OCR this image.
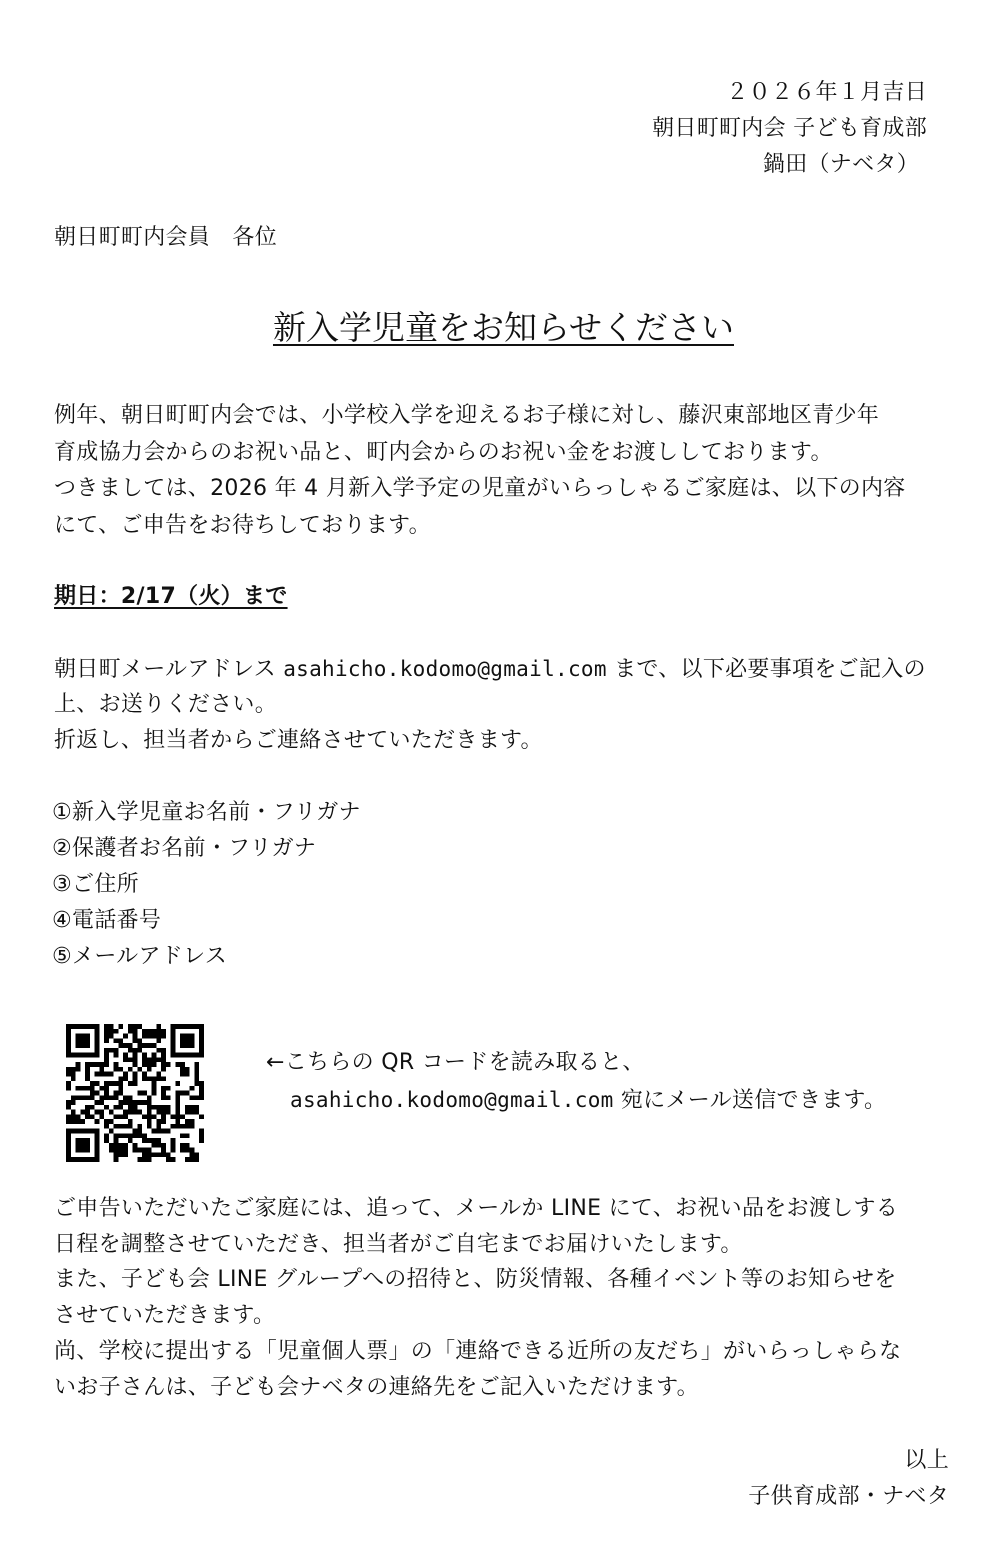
２０２６年１月吉日
朝日町町内会 子ども育成部
鍋田（ナベタ）
朝日町町内会員　各位
新入学児童をお知らせください
例年、朝日町町内会では、小学校入学を迎えるお子様に対し、藤沢東部地区青少年
育成協力会からのお祝い品と、町内会からのお祝い金をお渡ししております。
つきましては、2026 年 4 月新入学予定の児童がいらっしゃるご家庭は、以下の内容
にて、ご申告をお待ちしております。
期日：2/17（火）まで
朝日町メールアドレス asahicho.kodomo@gmail.com まで、以下必要事項をご記入の
上、お送りください。
折返し、担当者からご連絡させていただきます。
①新入学児童お名前・フリガナ
②保護者お名前・フリガナ
③ご住所
④電話番号
⑤メールアドレス
←こちらの QR コードを読み取ると、
asahicho.kodomo@gmail.com 宛にメール送信できます。
ご申告いただいたご家庭には、追って、メールか LINE にて、お祝い品をお渡しする
日程を調整させていただき、担当者がご自宅までお届けいたします。
また、子ども会 LINE グループへの招待と、防災情報、各種イベント等のお知らせを
させていただきます。
尚、学校に提出する「児童個人票」の「連絡できる近所の友だち」がいらっしゃらな
いお子さんは、子ども会ナベタの連絡先をご記入いただけます。
以上
子供育成部・ナベタ
